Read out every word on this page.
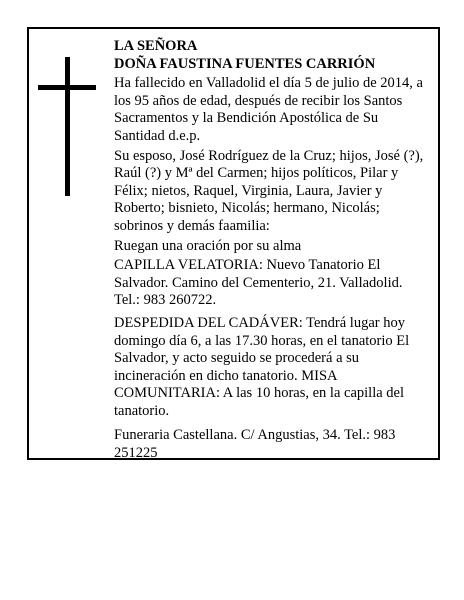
LA SEÑORA

DOÑA FAUSTINA FUENTES CARRIÓN

Ha fallecido en Valladolid el día 5 de julio de 2014, a los 95 años de edad, después de recibir los Santos Sacramentos y la Bendición Apostólica de Su Santidad d.e.p.

Su esposo, José Rodríguez de la Cruz; hijos, José (?), Raúl (?) y Mª del Carmen; hijos políticos, Pilar y Félix; nietos, Raquel, Virginia, Laura, Javier y Roberto; bisnieto, Nicolás; hermano, Nicolás; sobrinos y demás faamilia:

Ruegan una oración por su alma

CAPILLA VELATORIA: Nuevo Tanatorio El Salvador. Camino del Cementerio, 21. Valladolid. Tel.: 983 260722.

DESPEDIDA DEL CADÁVER: Tendrá lugar hoy domingo día 6, a las 17.30 horas, en el tanatorio El Salvador, y acto seguido se procederá a su incineración en dicho tanatorio. MISA COMUNITARIA: A las 10 horas, en la capilla del tanatorio.

Funeraria Castellana. C/ Angustias, 34. Tel.: 983 251225
